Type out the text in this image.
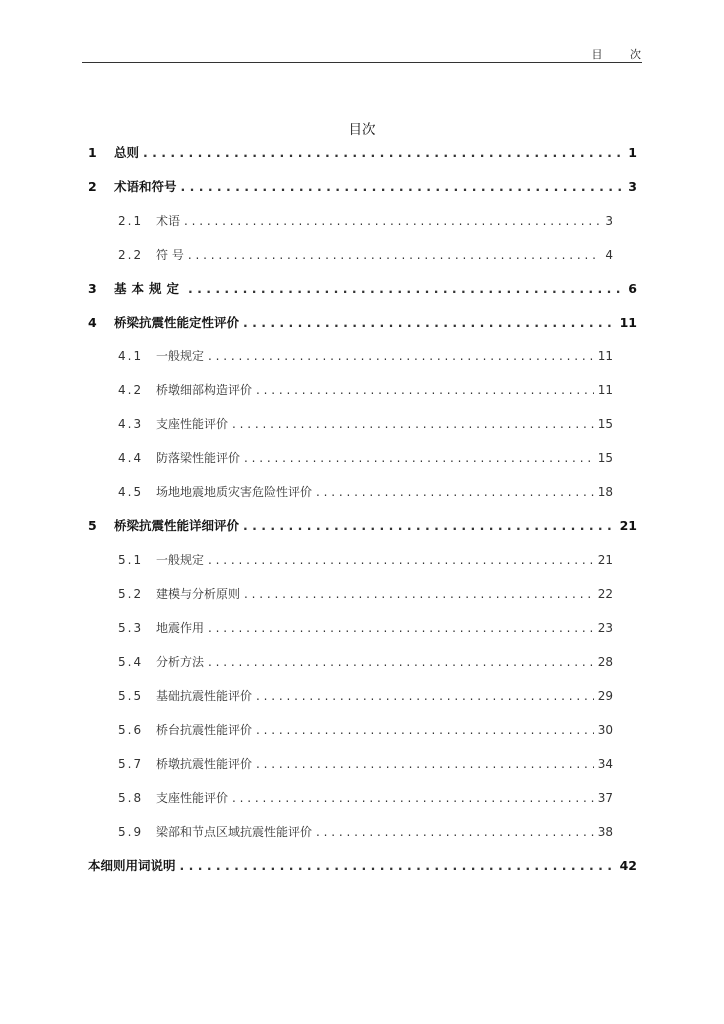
目 次
目次
1	总则 . . .	1
2	术语和符号 . . .	3
2.1	术语 . . .	3
2.2	符 号 . . .	4
3	基本规定 . . .	6
4	桥梁抗震性能定性评价 . . .	11
4.1	一般规定 . . .	11
4.2	桥墩细部构造评价 . . .	11
4.3	支座性能评价 . . .	15
4.4	防落梁性能评价 . . .	15
4.5	场地地震地质灾害危险性评价 . . .	18
5	桥梁抗震性能详细评价 . . .	21
5.1	一般规定 . . .	21
5.2	建模与分析原则 . . .	22
5.3	地震作用 . . .	23
5.4	分析方法 . . .	28
5.5	基础抗震性能评价 . . .	29
5.6	桥台抗震性能评价 . . .	30
5.7	桥墩抗震性能评价 . . .	34
5.8	支座性能评价 . . .	37
5.9	梁部和节点区域抗震性能评价 . . .	38
本细则用词说明 . . .	42
